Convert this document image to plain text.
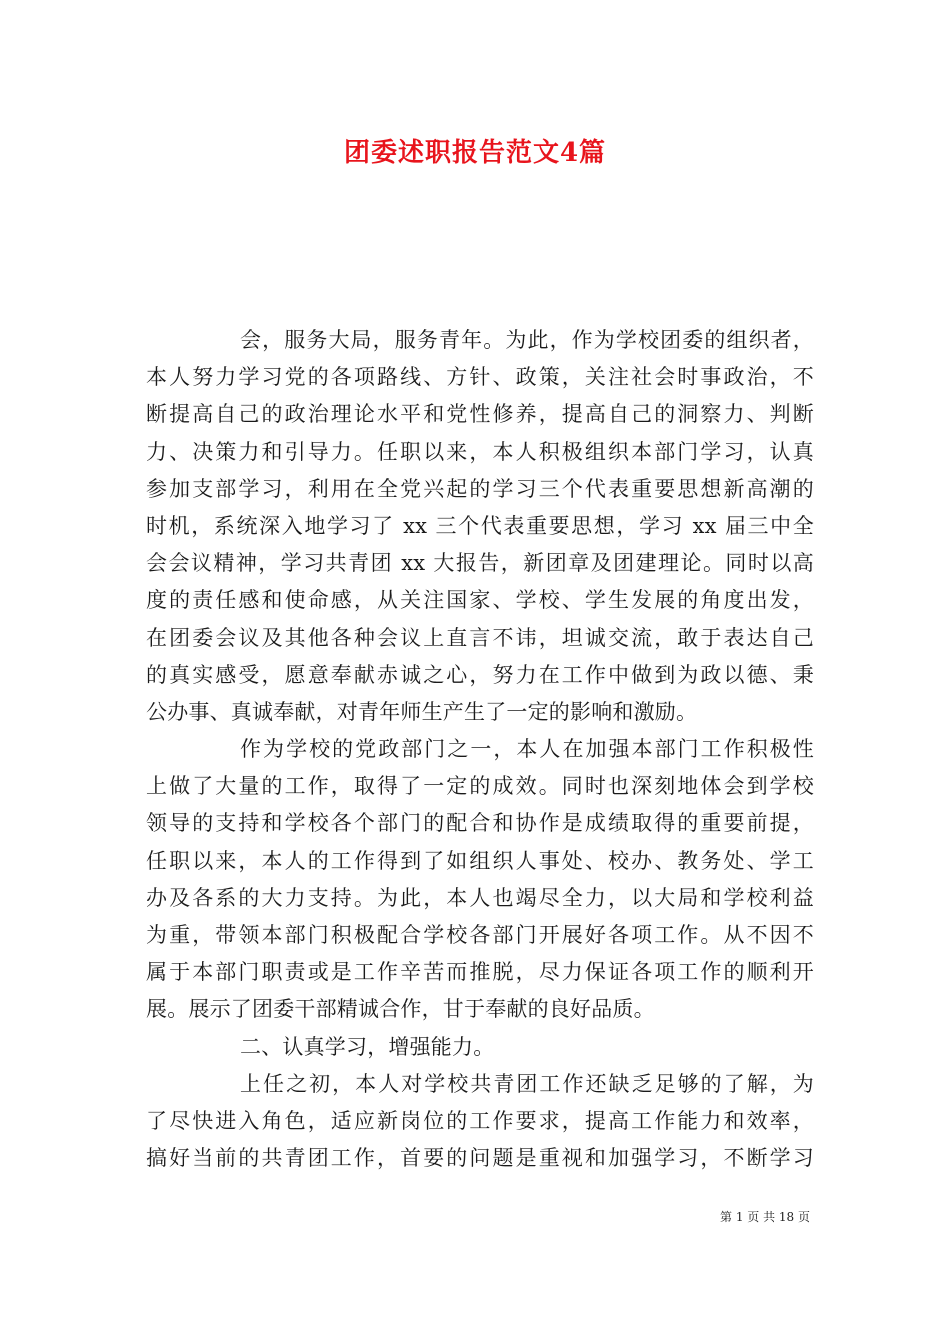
团委述职报告范文4篇
会，服务大局，服务青年。为此，作为学校团委的组织者，
本人努力学习党的各项路线、方针、政策，关注社会时事政治，不
断提高自己的政治理论水平和党性修养，提高自己的洞察力、判断
力、决策力和引导力。任职以来，本人积极组织本部门学习，认真
参加支部学习，利用在全党兴起的学习三个代表重要思想新高潮的
时机，系统深入地学习了 xx 三个代表重要思想，学习 xx 届三中全
会会议精神，学习共青团 xx 大报告，新团章及团建理论。同时以高
度的责任感和使命感，从关注国家、学校、学生发展的角度出发，
在团委会议及其他各种会议上直言不讳，坦诚交流，敢于表达自己
的真实感受，愿意奉献赤诚之心，努力在工作中做到为政以德、秉
公办事、真诚奉献，对青年师生产生了一定的影响和激励。
作为学校的党政部门之一，本人在加强本部门工作积极性
上做了大量的工作，取得了一定的成效。同时也深刻地体会到学校
领导的支持和学校各个部门的配合和协作是成绩取得的重要前提，
任职以来，本人的工作得到了如组织人事处、校办、教务处、学工
办及各系的大力支持。为此，本人也竭尽全力，以大局和学校利益
为重，带领本部门积极配合学校各部门开展好各项工作。从不因不
属于本部门职责或是工作辛苦而推脱，尽力保证各项工作的顺利开
展。展示了团委干部精诚合作，甘于奉献的良好品质。
二、认真学习，增强能力。
上任之初，本人对学校共青团工作还缺乏足够的了解，为
了尽快进入角色，适应新岗位的工作要求，提高工作能力和效率，
搞好当前的共青团工作，首要的问题是重视和加强学习，不断学习
第 1 页 共 18 页
